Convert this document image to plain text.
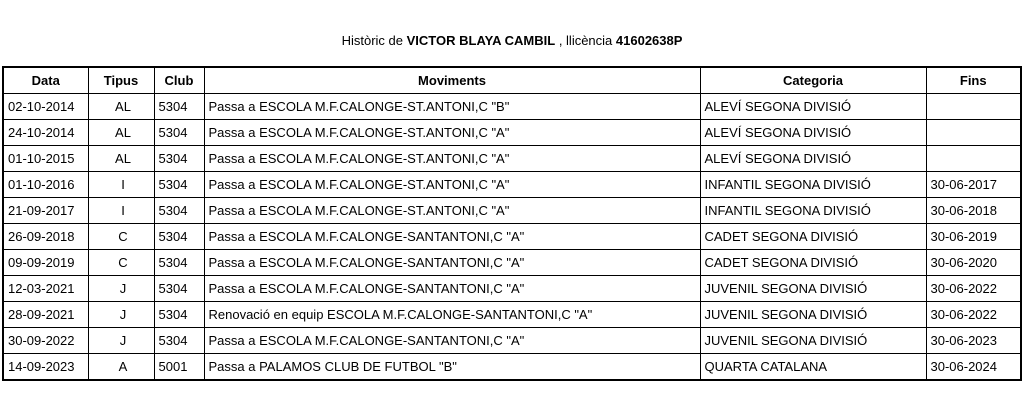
Històric de VICTOR BLAYA CAMBIL , llicència 41602638P
Data	Tipus	Club	Moviments	Categoria	Fins
02-10-2014	AL	5304	Passa a ESCOLA M.F.CALONGE-ST.ANTONI,C "B"	ALEVÍ SEGONA DIVISIÓ	
24-10-2014	AL	5304	Passa a ESCOLA M.F.CALONGE-ST.ANTONI,C "A"	ALEVÍ SEGONA DIVISIÓ	
01-10-2015	AL	5304	Passa a ESCOLA M.F.CALONGE-ST.ANTONI,C "A"	ALEVÍ SEGONA DIVISIÓ	
01-10-2016	I	5304	Passa a ESCOLA M.F.CALONGE-ST.ANTONI,C "A"	INFANTIL SEGONA DIVISIÓ	30-06-2017
21-09-2017	I	5304	Passa a ESCOLA M.F.CALONGE-ST.ANTONI,C "A"	INFANTIL SEGONA DIVISIÓ	30-06-2018
26-09-2018	C	5304	Passa a ESCOLA M.F.CALONGE-SANTANTONI,C "A"	CADET SEGONA DIVISIÓ	30-06-2019
09-09-2019	C	5304	Passa a ESCOLA M.F.CALONGE-SANTANTONI,C "A"	CADET SEGONA DIVISIÓ	30-06-2020
12-03-2021	J	5304	Passa a ESCOLA M.F.CALONGE-SANTANTONI,C "A"	JUVENIL SEGONA DIVISIÓ	30-06-2022
28-09-2021	J	5304	Renovació en equip ESCOLA M.F.CALONGE-SANTANTONI,C "A"	JUVENIL SEGONA DIVISIÓ	30-06-2022
30-09-2022	J	5304	Passa a ESCOLA M.F.CALONGE-SANTANTONI,C "A"	JUVENIL SEGONA DIVISIÓ	30-06-2023
14-09-2023	A	5001	Passa a PALAMOS CLUB DE FUTBOL "B"	QUARTA CATALANA	30-06-2024
